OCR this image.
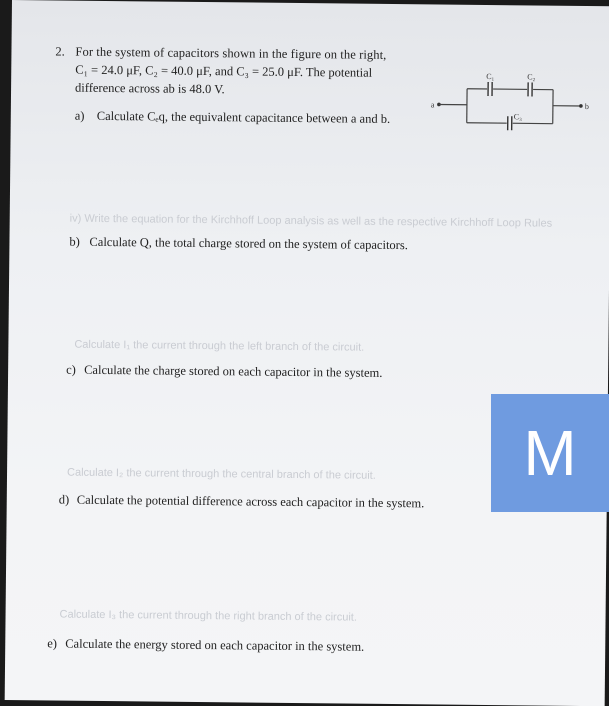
2. For the system of capacitors shown in the figure on the right,
C₁ = 24.0 μF, C₂ = 40.0 μF, and C₃ = 25.0 μF. The potential
difference across ab is 48.0 V.
a) Calculate Cₑq, the equivalent capacitance between a and b.
iv) Write the equation for the Kirchhoff Loop analysis as well as the respective Kirchhoff Loop Rules
b) Calculate Q, the total charge stored on the system of capacitors.
Calculate I₁ the current through the left branch of the circuit.
c) Calculate the charge stored on each capacitor in the system.
Calculate I₂ the current through the central branch of the circuit.
d) Calculate the potential difference across each capacitor in the system.
Calculate I₃ the current through the right branch of the circuit.
e) Calculate the energy stored on each capacitor in the system.
a	b
C₁	C₂
C₃
M
